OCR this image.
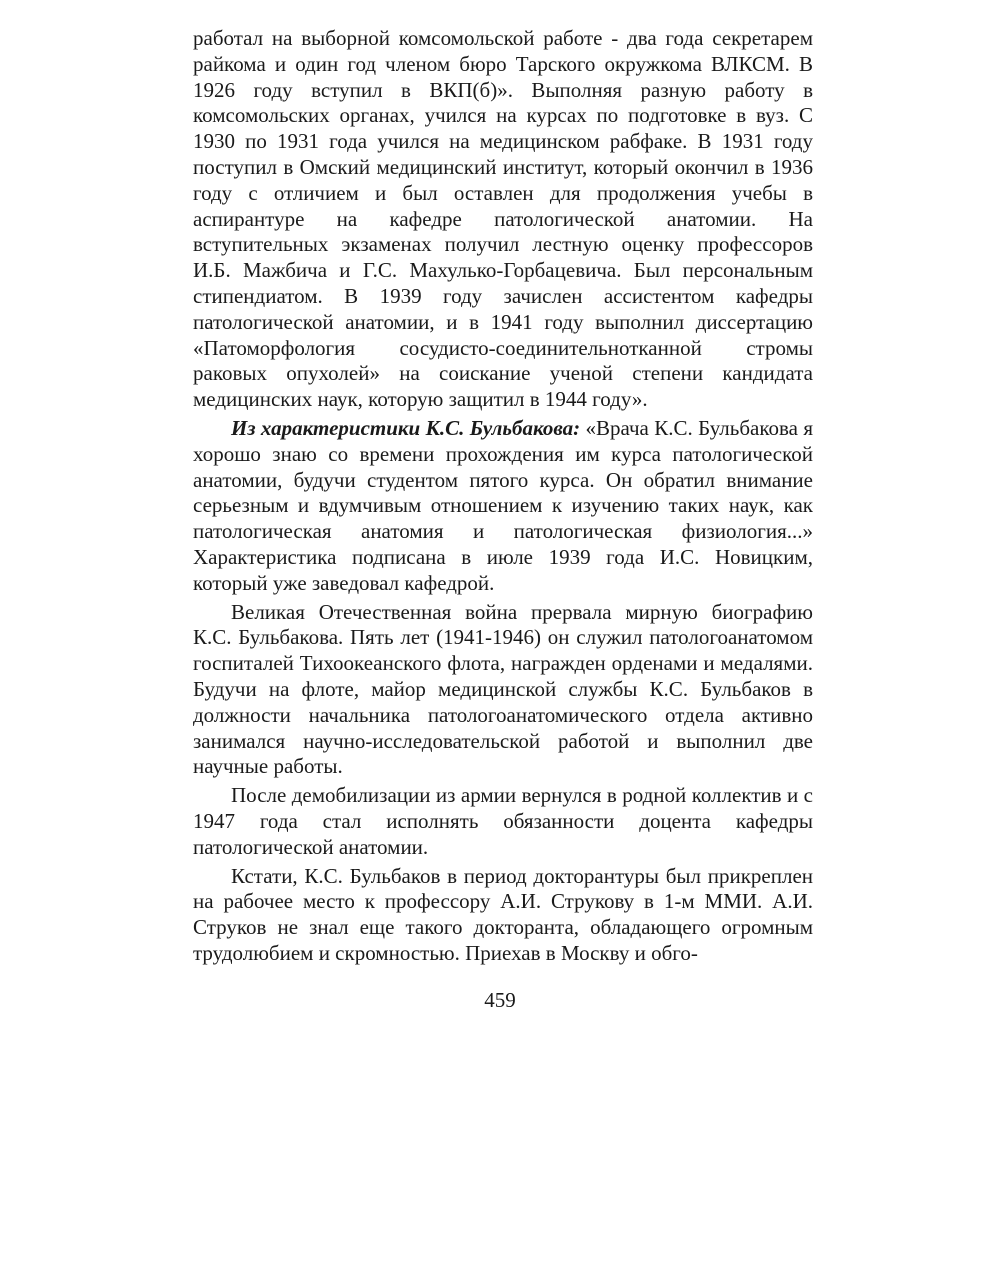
работал на выборной комсомольской работе - два года секретарем райкома и один год членом бюро Тарского окружкома ВЛКСМ. В 1926 году вступил в ВКП(б)». Выполняя разную работу в комсомольских органах, учился на курсах по подготовке в вуз. С 1930 по 1931 года учился на медицинском рабфаке. В 1931 году поступил в Омский медицинский институт, который окончил в 1936 году с отличием и был оставлен для продолжения учебы в аспирантуре на кафедре патологической анатомии. На вступительных экзаменах получил лестную оценку профессоров И.Б. Мажбича и Г.С. Махулько-Горбацевича. Был персональным стипендиатом. В 1939 году зачислен ассистентом кафедры патологической анатомии, и в 1941 году выполнил диссертацию «Патоморфология сосудисто-соединительнотканной стромы раковых опухолей» на соискание ученой степени кандидата медицинских наук, которую защитил в 1944 году».

Из характеристики К.С. Бульбакова: «Врача К.С. Бульбакова я хорошо знаю со времени прохождения им курса патологической анатомии, будучи студентом пятого курса. Он обратил внимание серьезным и вдумчивым отношением к изучению таких наук, как патологическая анатомия и патологическая физиология...» Характеристика подписана в июле 1939 года И.С. Новицким, который уже заведовал кафедрой.

Великая Отечественная война прервала мирную биографию К.С. Бульбакова. Пять лет (1941-1946) он служил патологоанатомом госпиталей Тихоокеанского флота, награжден орденами и медалями. Будучи на флоте, майор медицинской службы К.С. Бульбаков в должности начальника патологоанатомического отдела активно занимался научно-исследовательской работой и выполнил две научные работы.

После демобилизации из армии вернулся в родной коллектив и с 1947 года стал исполнять обязанности доцента кафедры патологической анатомии.

Кстати, К.С. Бульбаков в период докторантуры был прикреплен на рабочее место к профессору А.И. Струкову в 1-м ММИ. А.И. Струков не знал еще такого докторанта, обладающего огромным трудолюбием и скромностью. Приехав в Москву и обго-

459
